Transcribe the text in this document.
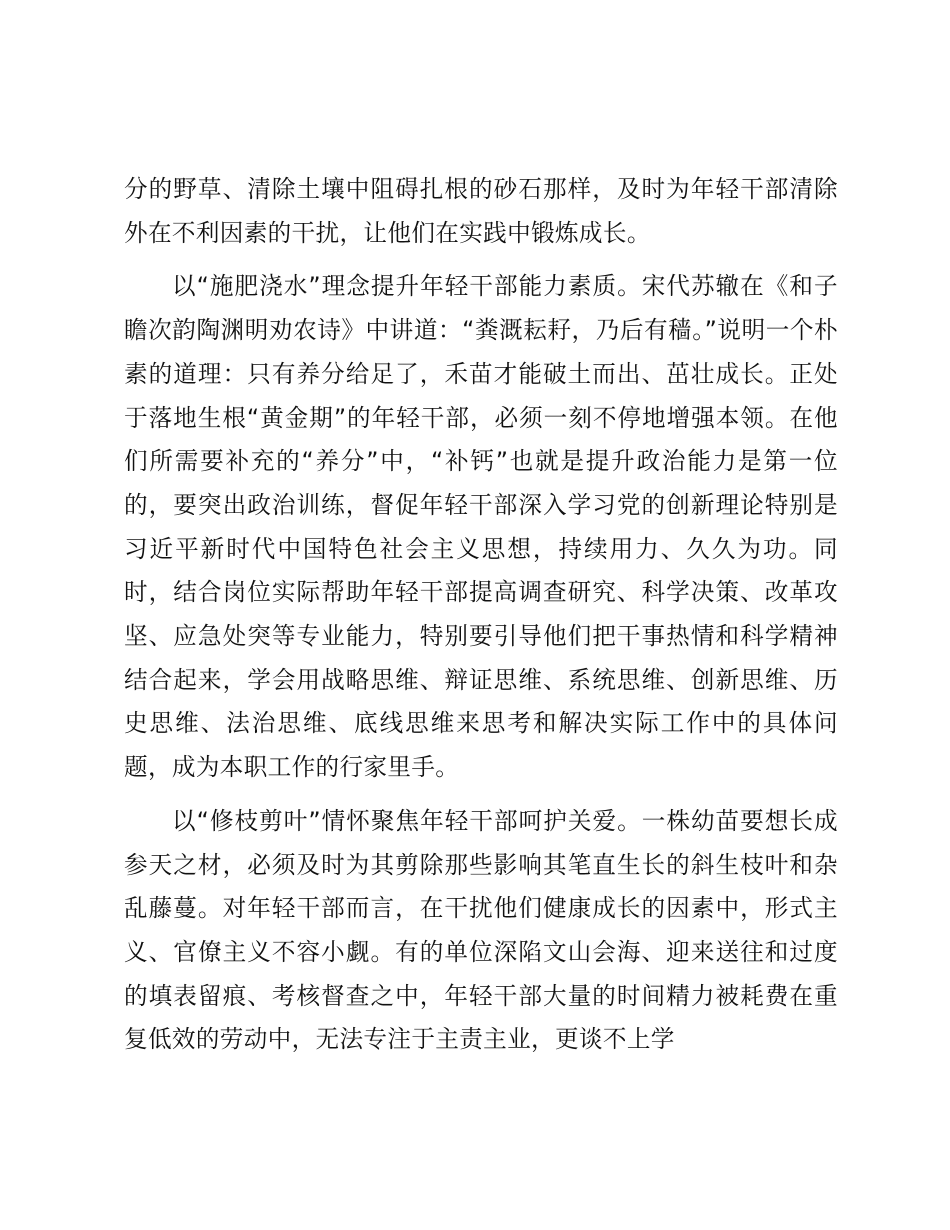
分的野草、清除土壤中阻碍扎根的砂石那样，及时为年轻干部清除外在不利因素的干扰，让他们在实践中锻炼成长。

以“施肥浇水”理念提升年轻干部能力素质。宋代苏辙在《和子瞻次韵陶渊明劝农诗》中讲道：“粪溉耘耔，乃后有穑。”说明一个朴素的道理：只有养分给足了，禾苗才能破土而出、茁壮成长。正处于落地生根“黄金期”的年轻干部，必须一刻不停地增强本领。在他们所需要补充的“养分”中，“补钙”也就是提升政治能力是第一位的，要突出政治训练，督促年轻干部深入学习党的创新理论特别是习近平新时代中国特色社会主义思想，持续用力、久久为功。同时，结合岗位实际帮助年轻干部提高调查研究、科学决策、改革攻坚、应急处突等专业能力，特别要引导他们把干事热情和科学精神结合起来，学会用战略思维、辩证思维、系统思维、创新思维、历史思维、法治思维、底线思维来思考和解决实际工作中的具体问题，成为本职工作的行家里手。

以“修枝剪叶”情怀聚焦年轻干部呵护关爱。一株幼苗要想长成参天之材，必须及时为其剪除那些影响其笔直生长的斜生枝叶和杂乱藤蔓。对年轻干部而言，在干扰他们健康成长的因素中，形式主义、官僚主义不容小觑。有的单位深陷文山会海、迎来送往和过度的填表留痕、考核督查之中，年轻干部大量的时间精力被耗费在重复低效的劳动中，无法专注于主责主业，更谈不上学
